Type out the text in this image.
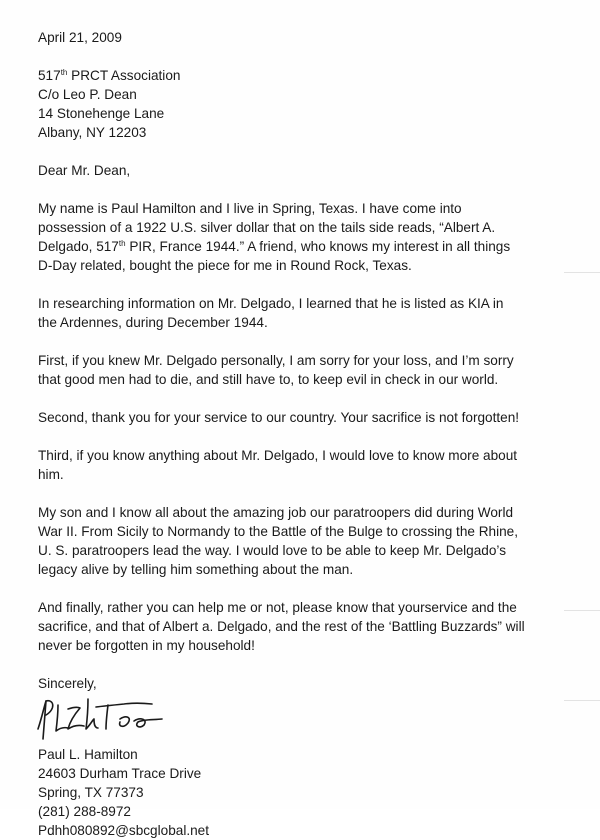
April 21, 2009
517th PRCT Association
C/o Leo P. Dean
14 Stonehenge Lane
Albany, NY 12203
Dear Mr. Dean,
My name is Paul Hamilton and I live in Spring, Texas. I have come into
possession of a 1922 U.S. silver dollar that on the tails side reads, “Albert A.
Delgado, 517th PIR, France 1944.” A friend, who knows my interest in all things
D-Day related, bought the piece for me in Round Rock, Texas.
In researching information on Mr. Delgado, I learned that he is listed as KIA in
the Ardennes, during December 1944.
First, if you knew Mr. Delgado personally, I am sorry for your loss, and I’m sorry
that good men had to die, and still have to, to keep evil in check in our world.
Second, thank you for your service to our country. Your sacrifice is not forgotten!
Third, if you know anything about Mr. Delgado, I would love to know more about
him.
My son and I know all about the amazing job our paratroopers did during World
War II. From Sicily to Normandy to the Battle of the Bulge to crossing the Rhine,
U. S. paratroopers lead the way. I would love to be able to keep Mr. Delgado’s
legacy alive by telling him something about the man.
And finally, rather you can help me or not, please know that yourservice and the
sacrifice, and that of Albert a. Delgado, and the rest of the ‘Battling Buzzards” will
never be forgotten in my household!
Sincerely,
Paul L. Hamilton
24603 Durham Trace Drive
Spring, TX 77373
(281) 288-8972
Pdhh080892@sbcglobal.net
